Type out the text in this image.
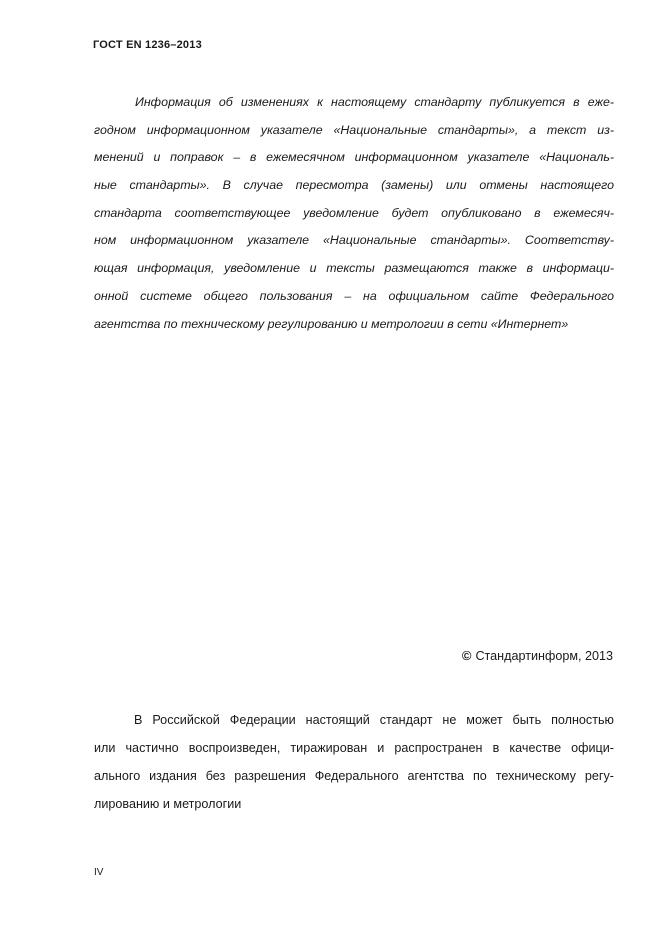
ГОСТ EN 1236–2013
Информация об изменениях к настоящему стандарту публикуется в еже-
годном информационном указателе «Национальные стандарты», а текст из-
менений и поправок – в ежемесячном информационном указателе «Националь-
ные стандарты». В случае пересмотра (замены) или отмены настоящего
стандарта соответствующее уведомление будет опубликовано в ежемесяч-
ном информационном указателе «Национальные стандарты». Соответству-
ющая информация, уведомление и тексты размещаются также в информаци-
онной системе общего пользования – на официальном сайте Федерального
агентства по техническому регулированию и метрологии в сети «Интернет»
© Стандартинформ, 2013
В Российской Федерации настоящий стандарт не может быть полностью
или частично воспроизведен, тиражирован и распространен в качестве офици-
ального издания без разрешения Федерального агентства по техническому регу-
лированию и метрологии
IV
